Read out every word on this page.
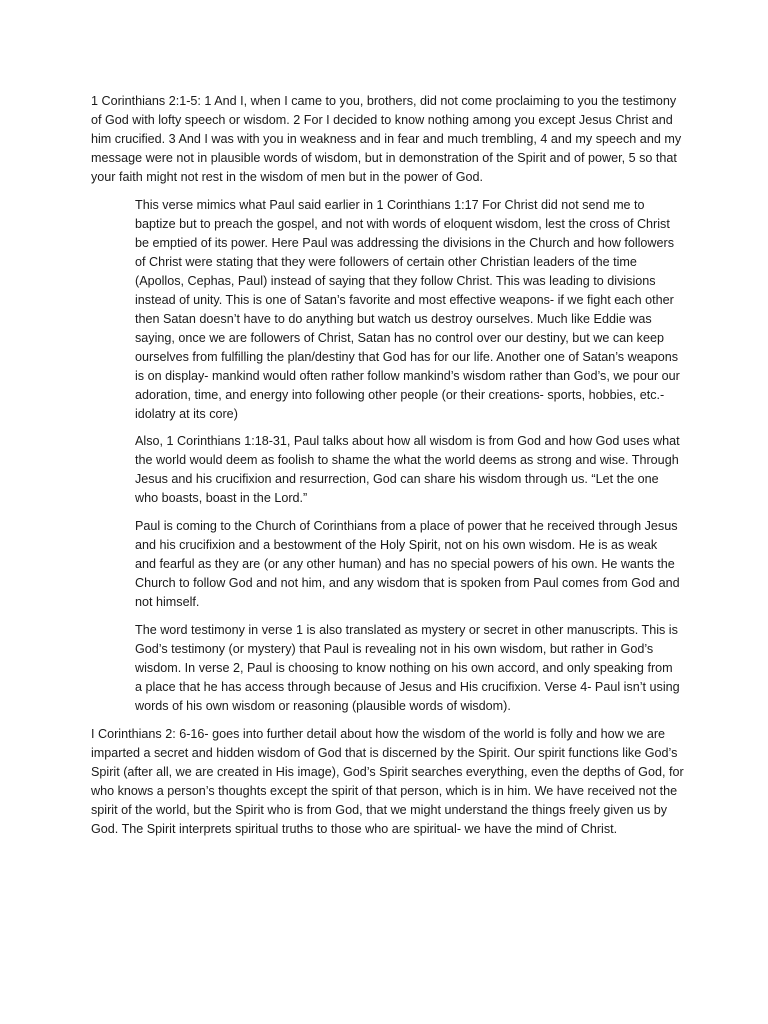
1 Corinthians 2:1-5: 1 And I, when I came to you, brothers, did not come proclaiming to you the testimony of God with lofty speech or wisdom. 2 For I decided to know nothing among you except Jesus Christ and him crucified. 3 And I was with you in weakness and in fear and much trembling, 4 and my speech and my message were not in plausible words of wisdom, but in demonstration of the Spirit and of power, 5 so that your faith might not rest in the wisdom of men but in the power of God.

This verse mimics what Paul said earlier in 1 Corinthians 1:17 For Christ did not send me to baptize but to preach the gospel, and not with words of eloquent wisdom, lest the cross of Christ be emptied of its power. Here Paul was addressing the divisions in the Church and how followers of Christ were stating that they were followers of certain other Christian leaders of the time (Apollos, Cephas, Paul) instead of saying that they follow Christ. This was leading to divisions instead of unity. This is one of Satan’s favorite and most effective weapons- if we fight each other then Satan doesn’t have to do anything but watch us destroy ourselves. Much like Eddie was saying, once we are followers of Christ, Satan has no control over our destiny, but we can keep ourselves from fulfilling the plan/destiny that God has for our life. Another one of Satan’s weapons is on display- mankind would often rather follow mankind’s wisdom rather than God’s, we pour our adoration, time, and energy into following other people (or their creations- sports, hobbies, etc.- idolatry at its core)

Also, 1 Corinthians 1:18-31, Paul talks about how all wisdom is from God and how God uses what the world would deem as foolish to shame the what the world deems as strong and wise. Through Jesus and his crucifixion and resurrection, God can share his wisdom through us. “Let the one who boasts, boast in the Lord.”

Paul is coming to the Church of Corinthians from a place of power that he received through Jesus and his crucifixion and a bestowment of the Holy Spirit, not on his own wisdom. He is as weak and fearful as they are (or any other human) and has no special powers of his own. He wants the Church to follow God and not him, and any wisdom that is spoken from Paul comes from God and not himself.

The word testimony in verse 1 is also translated as mystery or secret in other manuscripts. This is God’s testimony (or mystery) that Paul is revealing not in his own wisdom, but rather in God’s wisdom. In verse 2, Paul is choosing to know nothing on his own accord, and only speaking from a place that he has access through because of Jesus and His crucifixion. Verse 4- Paul isn’t using words of his own wisdom or reasoning (plausible words of wisdom).

I Corinthians 2: 6-16- goes into further detail about how the wisdom of the world is folly and how we are imparted a secret and hidden wisdom of God that is discerned by the Spirit. Our spirit functions like God’s Spirit (after all, we are created in His image), God’s Spirit searches everything, even the depths of God, for who knows a person’s thoughts except the spirit of that person, which is in him. We have received not the spirit of the world, but the Spirit who is from God, that we might understand the things freely given us by God. The Spirit interprets spiritual truths to those who are spiritual- we have the mind of Christ.
